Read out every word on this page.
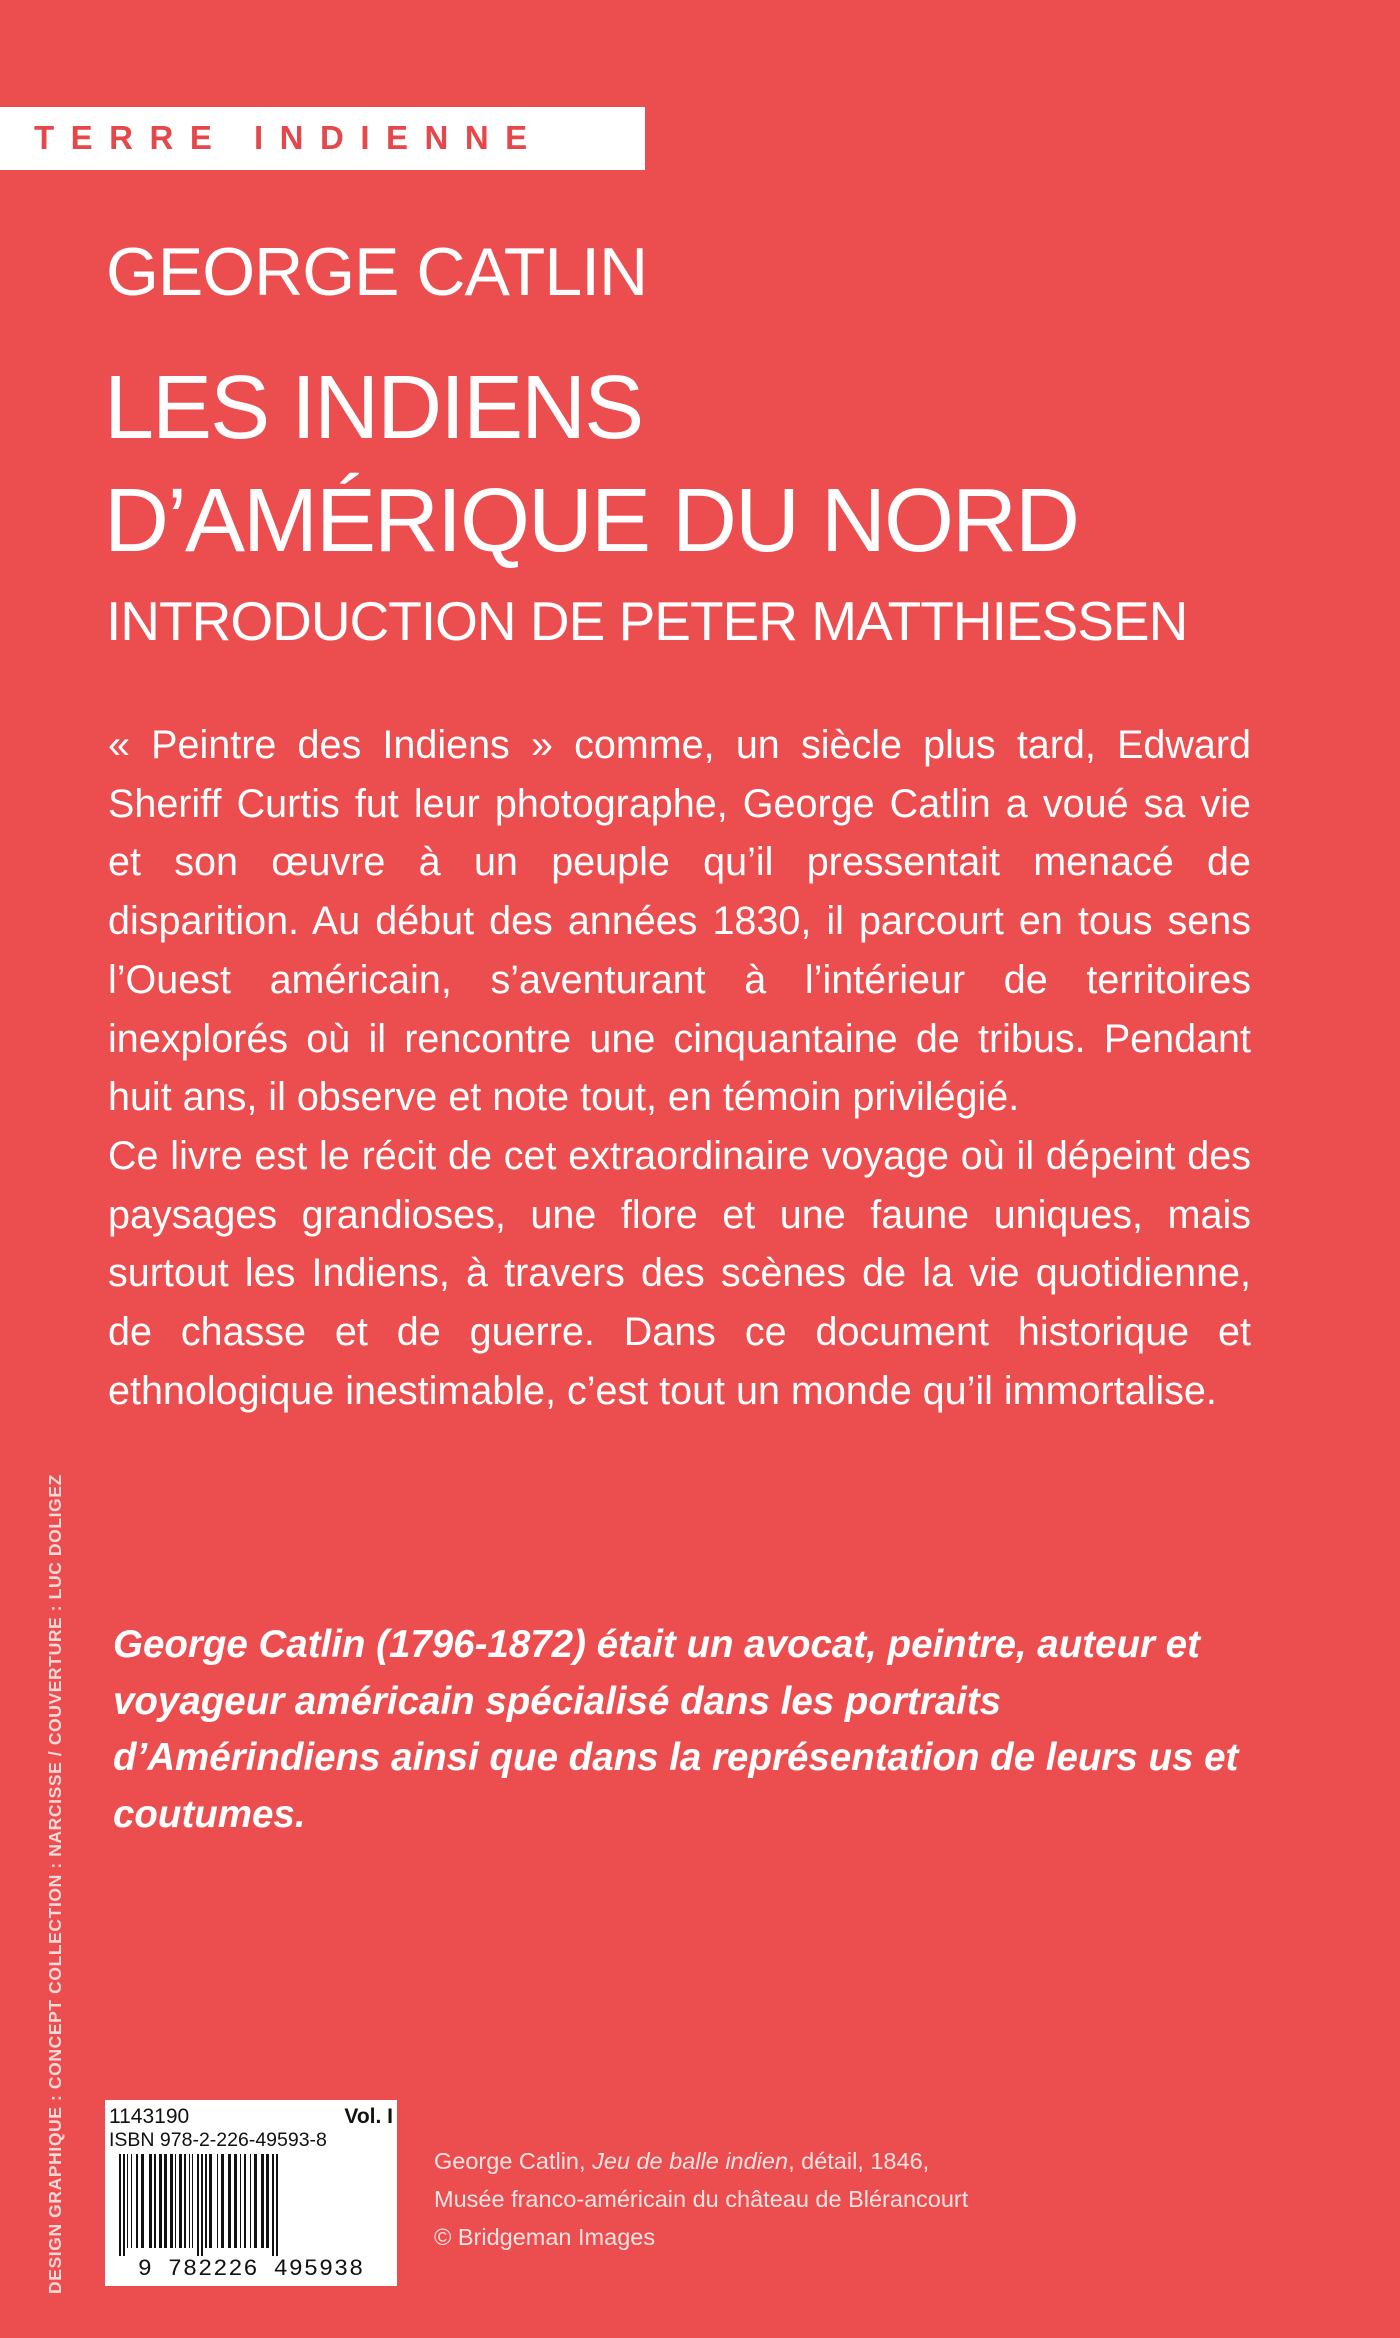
TERRE INDIENNE
GEORGE CATLIN
LES INDIENS
D’AMÉRIQUE DU NORD
INTRODUCTION DE PETER MATTHIESSEN

« Peintre des Indiens » comme, un siècle plus tard, Edward Sheriff Curtis fut leur photographe, George Catlin a voué sa vie et son œuvre à un peuple qu’il pressentait menacé de disparition. Au début des années 1830, il parcourt en tous sens l’Ouest américain, s’aventurant à l’intérieur de territoires inexplorés où il rencontre une cinquantaine de tribus. Pendant huit ans, il observe et note tout, en témoin privilégié.

Ce livre est le récit de cet extraordinaire voyage où il dépeint des paysages grandioses, une flore et une faune uniques, mais surtout les Indiens, à travers des scènes de la vie quotidienne, de chasse et de guerre. Dans ce document historique et ethnologique inestimable, c’est tout un monde qu’il immortalise.

George Catlin (1796-1872) était un avocat, peintre, auteur et voyageur américain spécialisé dans les portraits d’Amérindiens ainsi que dans la représentation de leurs us et coutumes.
DESIGN GRAPHIQUE : CONCEPT COLLECTION : NARCISSE / COUVERTURE : LUC DOLIGEZ 1143190	Vol. I
ISBN 978-2-226-49593-8
9 782226 495938
George Catlin, Jeu de balle indien, détail, 1846,
Musée franco-américain du château de Blérancourt
© Bridgeman Images
